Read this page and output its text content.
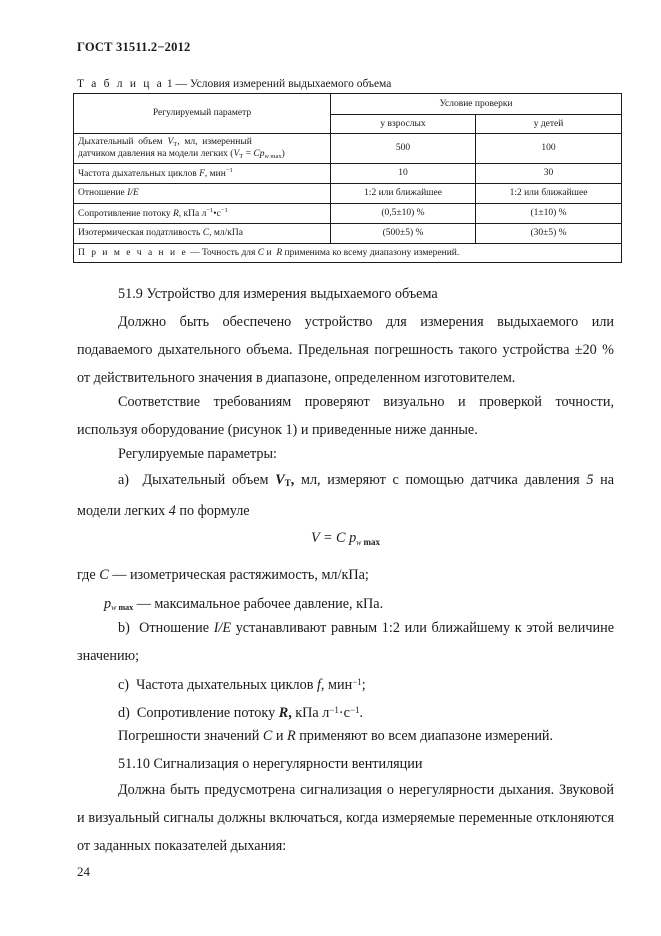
ГОСТ 31511.2−2012
Т а б л и ц а 1 — Условия измерений выдыхаемого объема
Регулируемый параметр	Условие проверки	
	у взрослых	у детей
Дыхательный  объем  $V_T$,  мл,  измеренный
датчиком давления на модели легких $(V_T = Cp_{w max})$	500	100
Частота дыхательных циклов F, мин$^{-1}$	10	30
Отношение I/E	1:2 или ближайшее	1:2 или ближайшее
Сопротивление потоку R, кПа $л^{-1}•с^{-1}$	(0,5±10) %	(1±10) %
Изотермическая податливость C, мл/кПа	(500±5) %	(30±5) %
П р и м е ч а н и е — Точность для C и  R применима ко всему диапазону измерений.		

51.9 Устройство для измерения выдыхаемого объема

Должно быть обеспечено устройство для измерения выдыхаемого или подаваемого дыхательного объема. Предельная погрешность такого устройства ±20 % от действительного значения в диапазоне, определенном изготовителем.

Соответствие требованиям проверяют визуально и проверкой точности, используя оборудование (рисунок 1) и приведенные ниже данные.

Регулируемые параметры:

а)  Дыхательный объем $V_T$, мл, измеряют с помощью датчика давления 5 на модели легких 4 по формуле

V = C $p_{w max}$

где C — изометрическая растяжимость, мл/кПа;

$p_{w max}$ — максимальное рабочее давление, кПа.

b)  Отношение I/E устанавливают равным 1:2 или ближайшему к этой величине значению;

с)  Частота дыхательных циклов f, мин$^{-1}$;

d)  Сопротивление потоку R, кПа $л^{-1}\cdot с^{-1}$.

Погрешности значений C и R применяют во всем диапазоне измерений.

51.10 Сигнализация о нерегулярности вентиляции

Должна быть предусмотрена сигнализация о нерегулярности дыхания. Звуковой и визуальный сигналы должны включаться, когда измеряемые переменные отклоняются от заданных показателей дыхания:

24
